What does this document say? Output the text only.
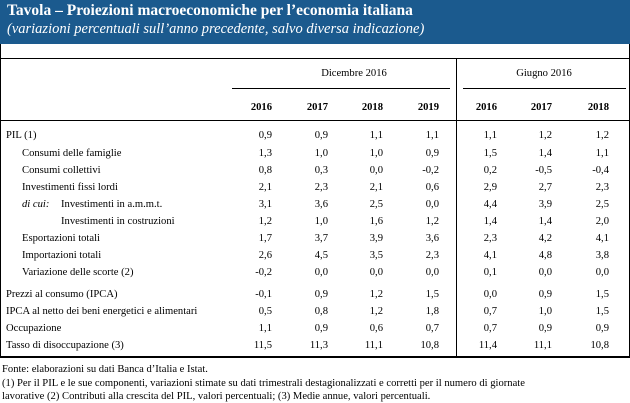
Tavola – Proiezioni macroeconomiche per l’economia italiana
(variazioni percentuali sull’anno precedente, salvo diversa indicazione)
Dicembre 2016	Giugno 2016
2016	2017	2018	2019	2016	2017	2018
PIL (1)	0,9	0,9	1,1	1,1	1,1	1,2	1,2
Consumi delle famiglie	1,3	1,0	1,0	0,9	1,5	1,4	1,1
Consumi collettivi	0,8	0,3	0,0	-0,2	0,2	-0,5	-0,4
Investimenti fissi lordi	2,1	2,3	2,1	0,6	2,9	2,7	2,3
di cui: Investimenti in a.m.m.t.	3,1	3,6	2,5	0,0	4,4	3,9	2,5
Investimenti in costruzioni	1,2	1,0	1,6	1,2	1,4	1,4	2,0
Esportazioni totali	1,7	3,7	3,9	3,6	2,3	4,2	4,1
Importazioni totali	2,6	4,5	3,5	2,3	4,1	4,8	3,8
Variazione delle scorte (2)	-0,2	0,0	0,0	0,0	0,1	0,0	0,0
Prezzi al consumo (IPCA)	-0,1	0,9	1,2	1,5	0,0	0,9	1,5
IPCA al netto dei beni energetici e alimentari	0,5	0,8	1,2	1,8	0,7	1,0	1,5
Occupazione	1,1	0,9	0,6	0,7	0,7	0,9	0,9
Tasso di disoccupazione (3)	11,5	11,3	11,1	10,8	11,4	11,1	10,8
Fonte: elaborazioni su dati Banca d’Italia e Istat.
(1) Per il PIL e le sue componenti, variazioni stimate su dati trimestrali destagionalizzati e corretti per il numero di giornate
lavorative (2) Contributi alla crescita del PIL, valori percentuali; (3) Medie annue, valori percentuali.
